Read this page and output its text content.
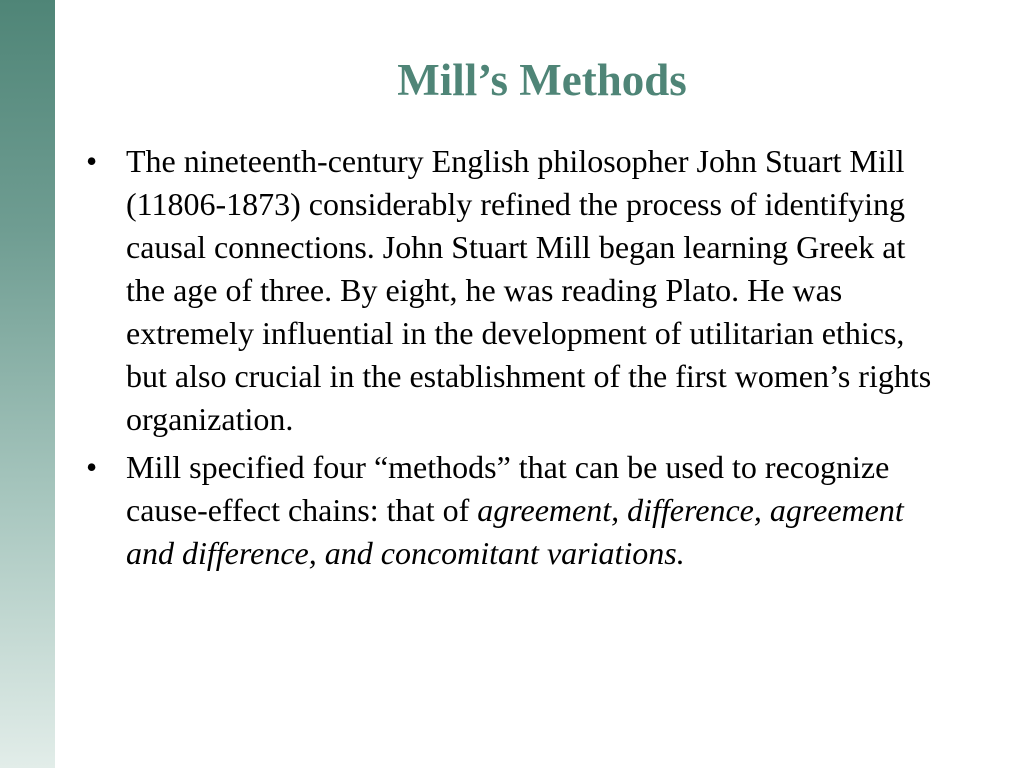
Mill’s Methods
• The nineteenth-century English philosopher John Stuart Mill (11806-1873) considerably refined the process of identifying causal connections. John Stuart Mill began learning Greek at the age of three. By eight, he was reading Plato. He was extremely influential in the development of utilitarian ethics, but also crucial in the establishment of the first women’s rights organization.
• Mill specified four “methods” that can be used to recognize cause-effect chains: that of agreement, difference, agreement and difference, and concomitant variations.
